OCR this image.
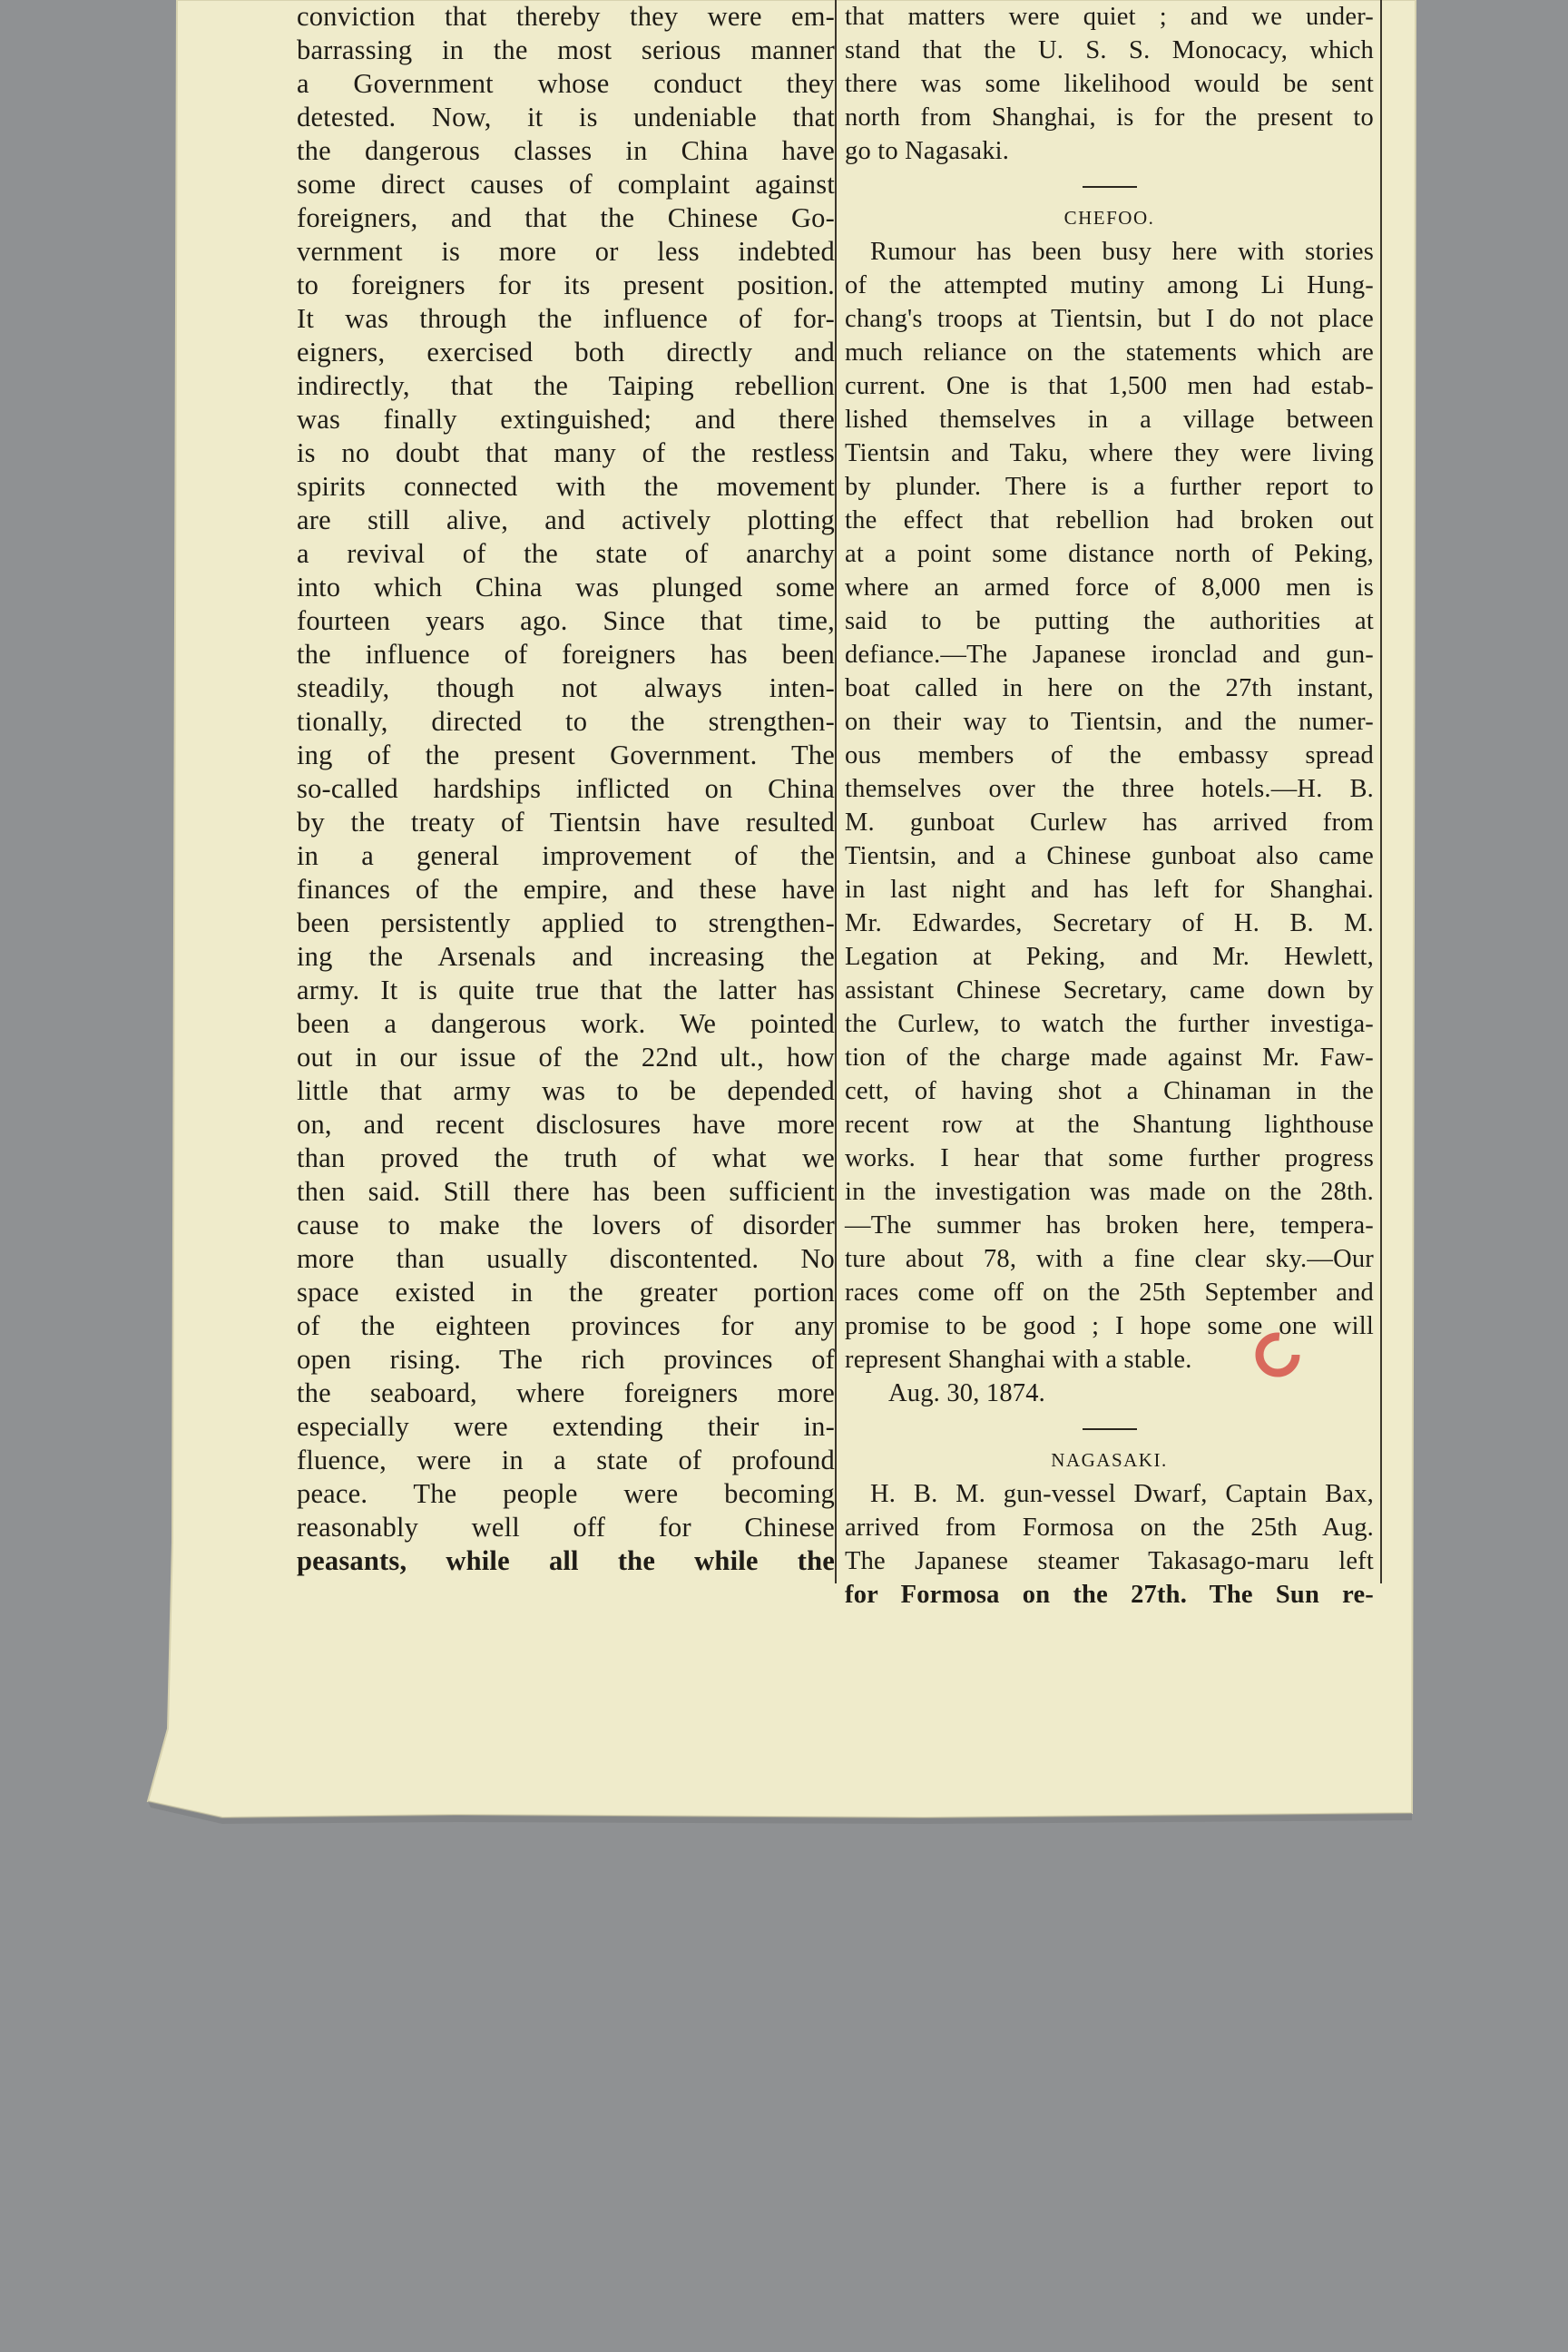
conviction that thereby they were em-
barrassing in the most serious manner
a Government whose conduct they
detested. Now, it is undeniable that
the dangerous classes in China have
some direct causes of complaint against
foreigners, and that the Chinese Go-
vernment is more or less indebted
to foreigners for its present position.
It was through the influence of for-
eigners, exercised both directly and
indirectly, that the Taiping rebellion
was finally extinguished; and there
is no doubt that many of the restless
spirits connected with the movement
are still alive, and actively plotting
a revival of the state of anarchy
into which China was plunged some
fourteen years ago. Since that time,
the influence of foreigners has been
steadily, though not always inten-
tionally, directed to the strengthen-
ing of the present Government. The
so-called hardships inflicted on China
by the treaty of Tientsin have resulted
in a general improvement of the
finances of the empire, and these have
been persistently applied to strengthen-
ing the Arsenals and increasing the
army. It is quite true that the latter has
been a dangerous work. We pointed
out in our issue of the 22nd ult., how
little that army was to be depended
on, and recent disclosures have more
than proved the truth of what we
then said. Still there has been sufficient
cause to make the lovers of disorder
more than usually discontented. No
space existed in the greater portion
of the eighteen provinces for any
open rising. The rich provinces of
the seaboard, where foreigners more
especially were extending their in-
fluence, were in a state of profound
peace. The people were becoming
reasonably well off for Chinese
peasants, while all the while the
that matters were quiet ; and we under-
stand that the U. S. S. Monocacy, which
there was some likelihood would be sent
north from Shanghai, is for the present to
go to Nagasaki.
CHEFOO.
Rumour has been busy here with stories
of the attempted mutiny among Li Hung-
chang's troops at Tientsin, but I do not place
much reliance on the statements which are
current. One is that 1,500 men had estab-
lished themselves in a village between
Tientsin and Taku, where they were living
by plunder. There is a further report to
the effect that rebellion had broken out
at a point some distance north of Peking,
where an armed force of 8,000 men is
said to be putting the authorities at
defiance.—The Japanese ironclad and gun-
boat called in here on the 27th instant,
on their way to Tientsin, and the numer-
ous members of the embassy spread
themselves over the three hotels.—H. B.
M. gunboat Curlew has arrived from
Tientsin, and a Chinese gunboat also came
in last night and has left for Shanghai.
Mr. Edwardes, Secretary of H. B. M.
Legation at Peking, and Mr. Hewlett,
assistant Chinese Secretary, came down by
the Curlew, to watch the further investiga-
tion of the charge made against Mr. Faw-
cett, of having shot a Chinaman in the
recent row at the Shantung lighthouse
works. I hear that some further progress
in the investigation was made on the 28th.
—The summer has broken here, tempera-
ture about 78, with a fine clear sky.—Our
races come off on the 25th September and
promise to be good ; I hope some one will
represent Shanghai with a stable.
Aug. 30, 1874.
NAGASAKI.
H. B. M. gun-vessel Dwarf, Captain Bax,
arrived from Formosa on the 25th Aug.
The Japanese steamer Takasago-maru left
for Formosa on the 27th. The Sun re-
